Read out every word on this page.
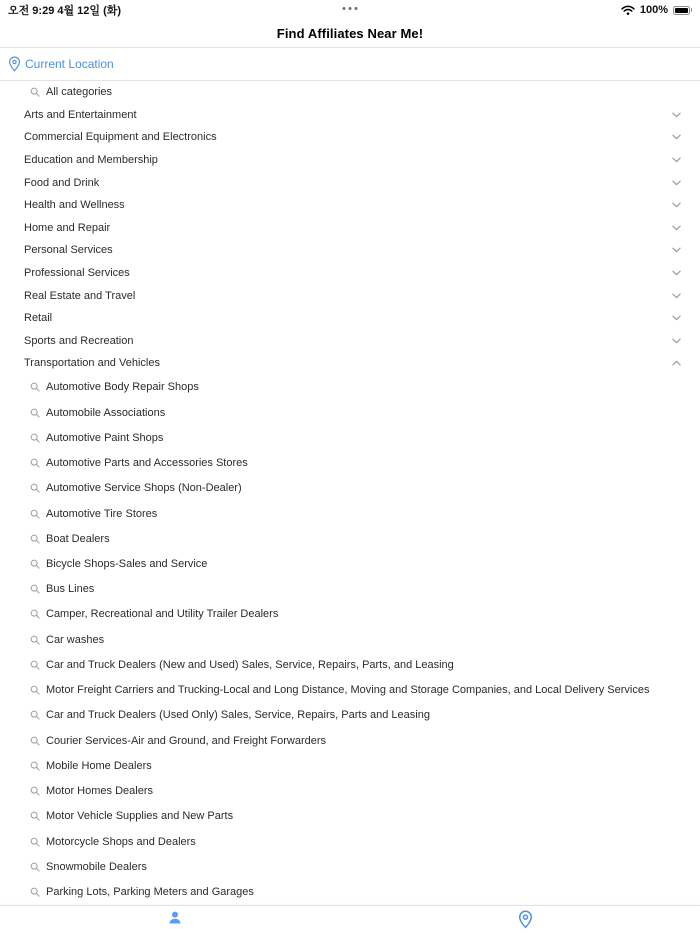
오전 9:29 4월 12일 (화)	100%
Find Affiliates Near Me!
Current Location
All categories
Arts and Entertainment
Commercial Equipment and Electronics
Education and Membership
Food and Drink
Health and Wellness
Home and Repair
Personal Services
Professional Services
Real Estate and Travel
Retail
Sports and Recreation
Transportation and Vehicles
Automotive Body Repair Shops
Automobile Associations
Automotive Paint Shops
Automotive Parts and Accessories Stores
Automotive Service Shops (Non-Dealer)
Automotive Tire Stores
Boat Dealers
Bicycle Shops-Sales and Service
Bus Lines
Camper, Recreational and Utility Trailer Dealers
Car washes
Car and Truck Dealers (New and Used) Sales, Service, Repairs, Parts, and Leasing
Motor Freight Carriers and Trucking-Local and Long Distance, Moving and Storage Companies, and Local Delivery Services
Car and Truck Dealers (Used Only) Sales, Service, Repairs, Parts and Leasing
Courier Services-Air and Ground, and Freight Forwarders
Mobile Home Dealers
Motor Homes Dealers
Motor Vehicle Supplies and New Parts
Motorcycle Shops and Dealers
Snowmobile Dealers
Parking Lots, Parking Meters and Garages
